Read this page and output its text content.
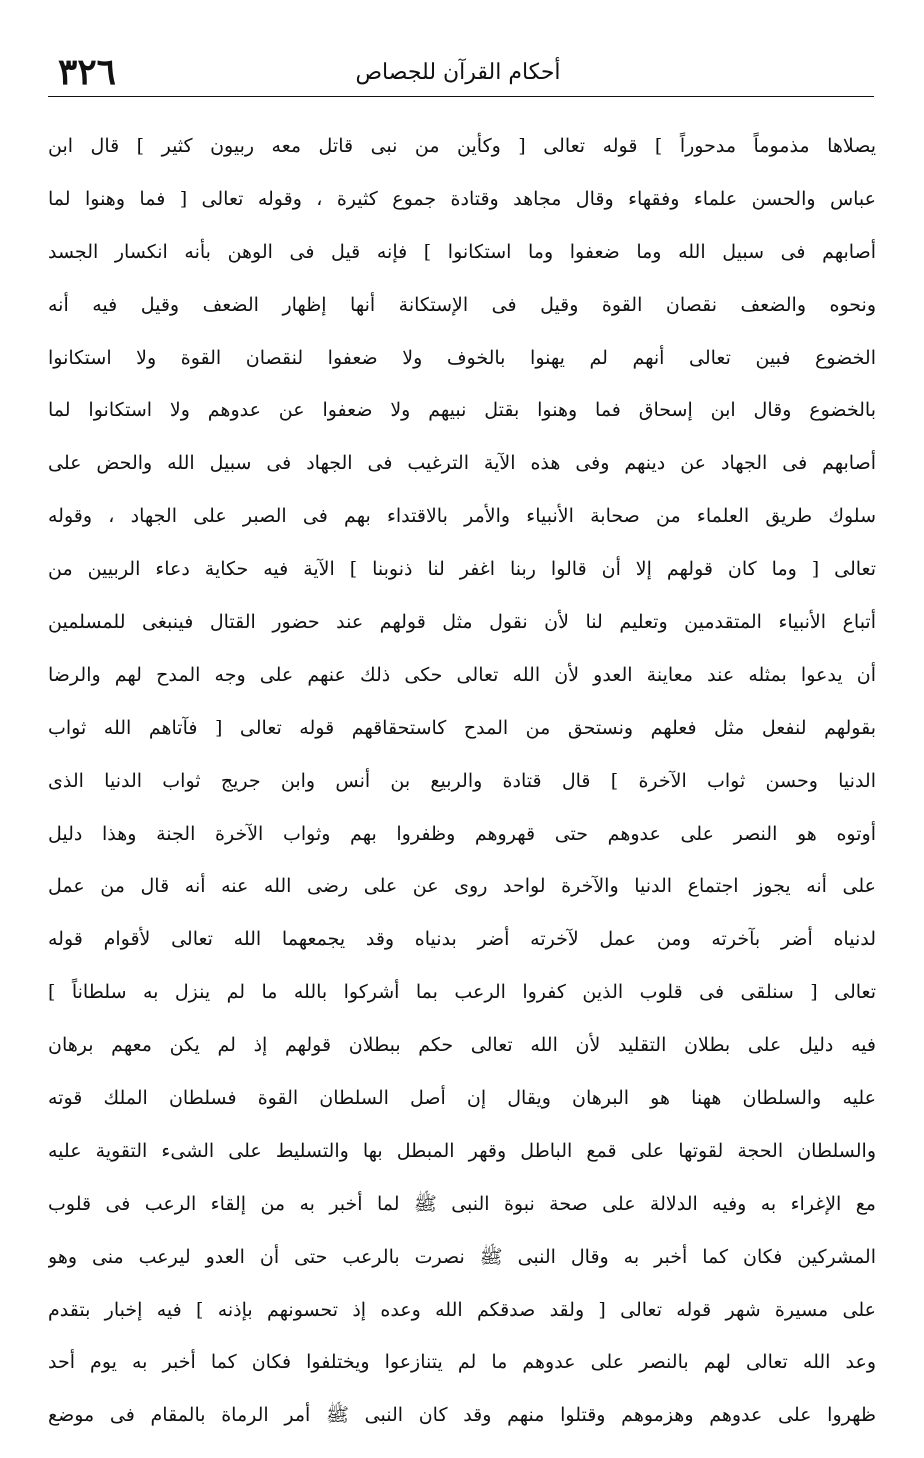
٣٢٦	أحكام القرآن للجصاص
يصلاها مذموماً مدحوراً ] قوله تعالى [ وكأين من نبى قاتل معه ربيون كثير ] قال ابن
عباس والحسن علماء وفقهاء وقال مجاهد وقتادة جموع كثيرة ، وقوله تعالى [ فما وهنوا لما
أصابهم فى سبيل الله وما ضعفوا وما استكانوا ] فإنه قيل فى الوهن بأنه انكسار الجسد
ونحوه والضعف نقصان القوة وقيل فى الإستكانة أنها إظهار الضعف وقيل فيه أنه
الخضوع فبين تعالى أنهم لم يهنوا بالخوف ولا ضعفوا لنقصان القوة ولا استكانوا
بالخضوع وقال ابن إسحاق فما وهنوا بقتل نبيهم ولا ضعفوا عن عدوهم ولا استكانوا لما
أصابهم فى الجهاد عن دينهم وفى هذه الآية الترغيب فى الجهاد فى سبيل الله والحض على
سلوك طريق العلماء من صحابة الأنبياء والأمر بالاقتداء بهم فى الصبر على الجهاد ، وقوله
تعالى [ وما كان قولهم إلا أن قالوا ربنا اغفر لنا ذنوبنا ] الآية فيه حكاية دعاء الربيين من
أتباع الأنبياء المتقدمين وتعليم لنا لأن نقول مثل قولهم عند حضور القتال فينبغى للمسلمين
أن يدعوا بمثله عند معاينة العدو لأن الله تعالى حكى ذلك عنهم على وجه المدح لهم والرضا
بقولهم لنفعل مثل فعلهم ونستحق من المدح كاستحقاقهم قوله تعالى [ فآتاهم الله ثواب
الدنيا وحسن ثواب الآخرة ] قال قتادة والربيع بن أنس وابن جريج ثواب الدنيا الذى
أوتوه هو النصر على عدوهم حتى قهروهم وظفروا بهم وثواب الآخرة الجنة وهذا دليل
على أنه يجوز اجتماع الدنيا والآخرة لواحد روى عن على رضى الله عنه أنه قال من عمل
لدنياه أضر بآخرته ومن عمل لآخرته أضر بدنياه وقد يجمعهما الله تعالى لأقوام قوله
تعالى [ سنلقى فى قلوب الذين كفروا الرعب بما أشركوا بالله ما لم ينزل به سلطاناً ]
فيه دليل على بطلان التقليد لأن الله تعالى حكم ببطلان قولهم إذ لم يكن معهم برهان
عليه والسلطان ههنا هو البرهان ويقال إن أصل السلطان القوة فسلطان الملك قوته
والسلطان الحجة لقوتها على قمع الباطل وقهر المبطل بها والتسليط على الشىء التقوية عليه
مع الإغراء به وفيه الدلالة على صحة نبوة النبى ﷺ لما أخبر به من إلقاء الرعب فى قلوب
المشركين فكان كما أخبر به وقال النبى ﷺ نصرت بالرعب حتى أن العدو ليرعب منى وهو
على مسيرة شهر قوله تعالى [ ولقد صدقكم الله وعده إذ تحسونهم بإذنه ] فيه إخبار بتقدم
وعد الله تعالى لهم بالنصر على عدوهم ما لم يتنازعوا ويختلفوا فكان كما أخبر به يوم أحد
ظهروا على عدوهم وهزموهم وقتلوا منهم وقد كان النبى ﷺ أمر الرماة بالمقام فى موضع
